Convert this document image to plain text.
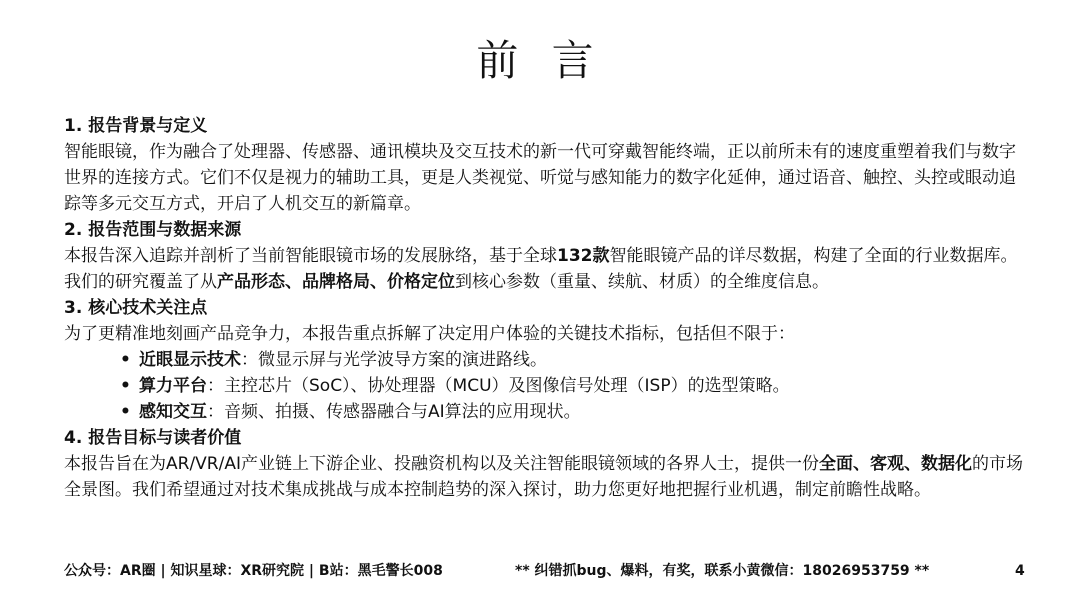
前 言

1. 报告背景与定义

智能眼镜，作为融合了处理器、传感器、通讯模块及交互技术的新一代可穿戴智能终端，正以前所未有的速度重塑着我们与数字世界的连接方式。它们不仅是视力的辅助工具，更是人类视觉、听觉与感知能力的数字化延伸，通过语音、触控、头控或眼动追踪等多元交互方式，开启了人机交互的新篇章。

2. 报告范围与数据来源

本报告深入追踪并剖析了当前智能眼镜市场的发展脉络，基于全球132款智能眼镜产品的详尽数据，构建了全面的行业数据库。我们的研究覆盖了从产品形态、品牌格局、价格定位到核心参数（重量、续航、材质）的全维度信息。

3. 核心技术关注点

为了更精准地刻画产品竞争力，本报告重点拆解了决定用户体验的关键技术指标，包括但不限于：

• 近眼显示技术：微显示屏与光学波导方案的演进路线。
• 算力平台：主控芯片（SoC）、协处理器（MCU）及图像信号处理（ISP）的选型策略。
• 感知交互：音频、拍摄、传感器融合与AI算法的应用现状。

4. 报告目标与读者价值

本报告旨在为AR/VR/AI产业链上下游企业、投融资机构以及关注智能眼镜领域的各界人士，提供一份全面、客观、数据化的市场全景图。我们希望通过对技术集成挑战与成本控制趋势的深入探讨，助力您更好地把握行业机遇，制定前瞻性战略。

公众号：AR圈 | 知识星球：XR研究院 | B站：黑毛警长008	** 纠错抓bug、爆料，有奖，联系小黄微信：18026953759 **	4
